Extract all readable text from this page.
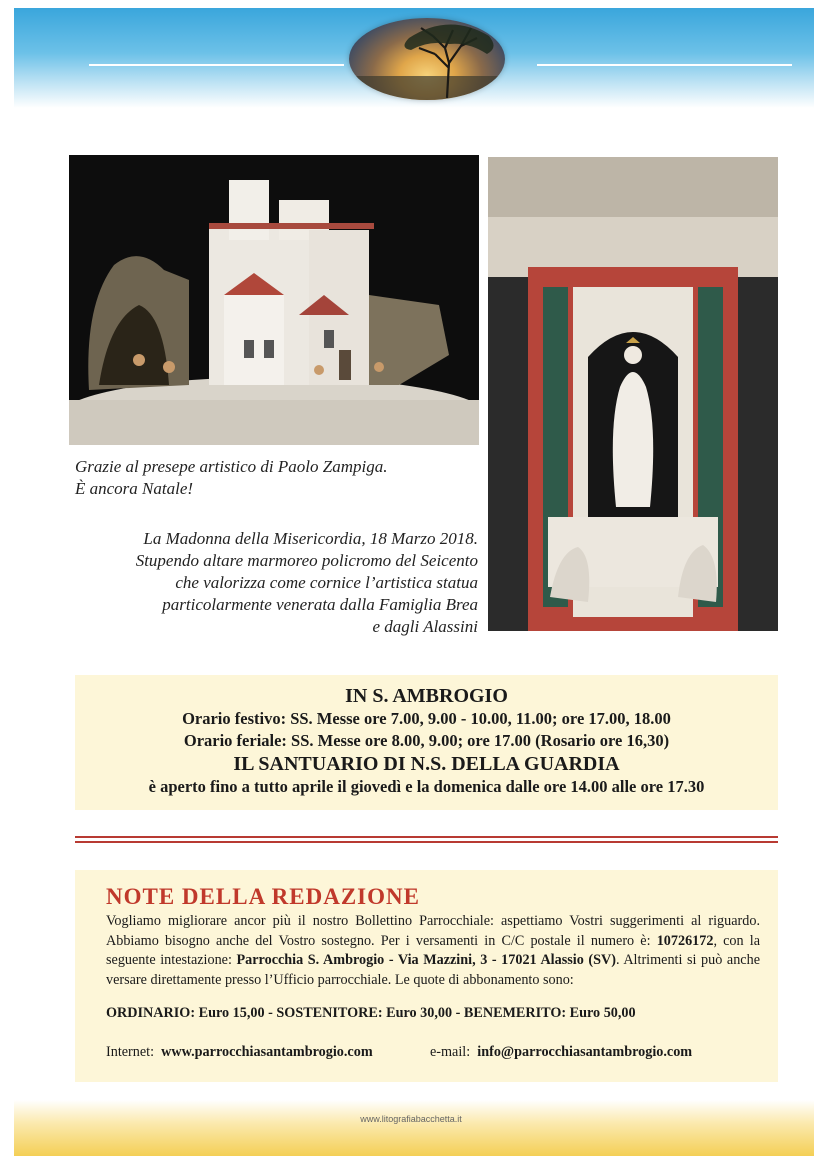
Grazie al presepe artistico di Paolo Zampiga.

È ancora Natale!

La Madonna della Misericordia, 18 Marzo 2018.

Stupendo altare marmoreo policromo del Seicento

che valorizza come cornice l’artistica statua

particolarmente venerata dalla Famiglia Brea

e dagli Alassini

IN S. AMBROGIO
Orario festivo: SS. Messe ore 7.00, 9.00 - 10.00, 11.00; ore 17.00, 18.00
Orario feriale: SS. Messe ore 8.00, 9.00; ore 17.00 (Rosario ore 16,30)
IL SANTUARIO DI N.S. DELLA GUARDIA
è aperto fino a tutto aprile il giovedì e la domenica dalle ore 14.00 alle ore 17.30
NOTE DELLA REDAZIONE

Vogliamo migliorare ancor più il nostro Bollettino Parrocchiale: aspettiamo Vostri suggerimenti al riguardo. Abbiamo bisogno anche del Vostro sostegno. Per i versamenti in C/C postale il numero è: 10726172, con la seguente intestazione: Parrocchia S. Ambrogio - Via Mazzini, 3 - 17021 Alassio (SV). Altrimenti si può anche versare direttamente presso l’Ufficio parrocchiale. Le quote di abbonamento sono:

ORDINARIO: Euro 15,00 - SOSTENITORE: Euro 30,00 - BENEMERITO: Euro 50,00
Internet: www.parrocchiasantambrogio.com	e-mail: info@parrocchiasantambrogio.com
www.litografiabacchetta.it
